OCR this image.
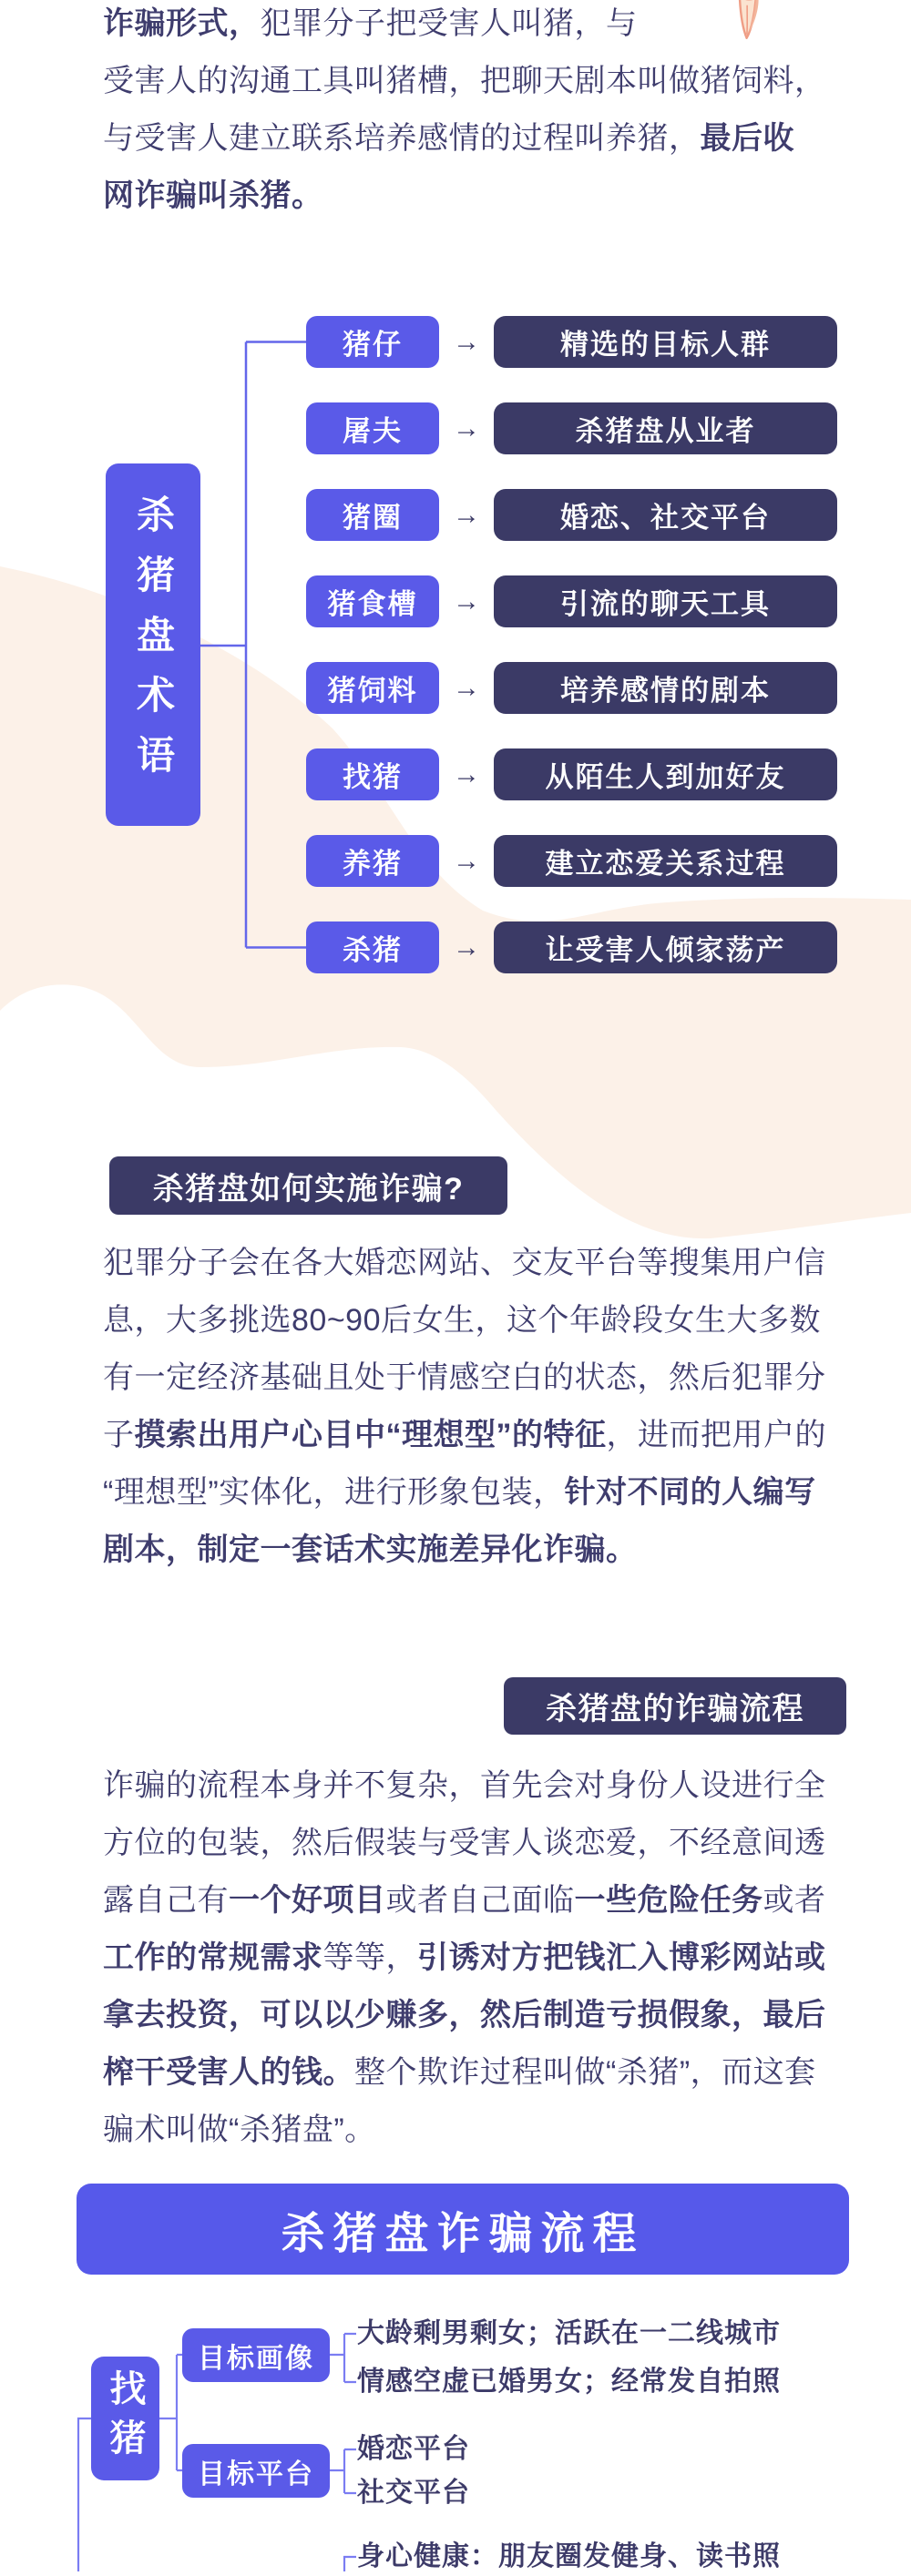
诈骗形式，犯罪分子把受害人叫猪，与
受害人的沟通工具叫猪槽，把聊天剧本叫做猪饲料，
与受害人建立联系培养感情的过程叫养猪，最后收
网诈骗叫杀猪。
杀猪盘术语
猪仔	→	精选的目标人群
屠夫	→	杀猪盘从业者
猪圈	→	婚恋、社交平台
猪食槽	→	引流的聊天工具
猪饲料	→	培养感情的剧本
找猪	→	从陌生人到加好友
养猪	→	建立恋爱关系过程
杀猪	→	让受害人倾家荡产
杀猪盘如何实施诈骗?
犯罪分子会在各大婚恋网站、交友平台等搜集用户信
息，大多挑选80~90后女生，这个年龄段女生大多数
有一定经济基础且处于情感空白的状态，然后犯罪分
子摸索出用户心目中“理想型”的特征，进而把用户的
“理想型”实体化，进行形象包装，针对不同的人编写
剧本，制定一套话术实施差异化诈骗。
杀猪盘的诈骗流程
诈骗的流程本身并不复杂，首先会对身份人设进行全
方位的包装，然后假装与受害人谈恋爱，不经意间透
露自己有一个好项目或者自己面临一些危险任务或者
工作的常规需求等等，引诱对方把钱汇入博彩网站或
拿去投资，可以以少赚多，然后制造亏损假象，最后
榨干受害人的钱。整个欺诈过程叫做“杀猪”，而这套
骗术叫做“杀猪盘”。
杀猪盘诈骗流程
找猪
目标画像
目标平台
大龄剩男剩女；活跃在一二线城市
情感空虚已婚男女；经常发自拍照
婚恋平台
社交平台
身心健康：朋友圈发健身、读书照
